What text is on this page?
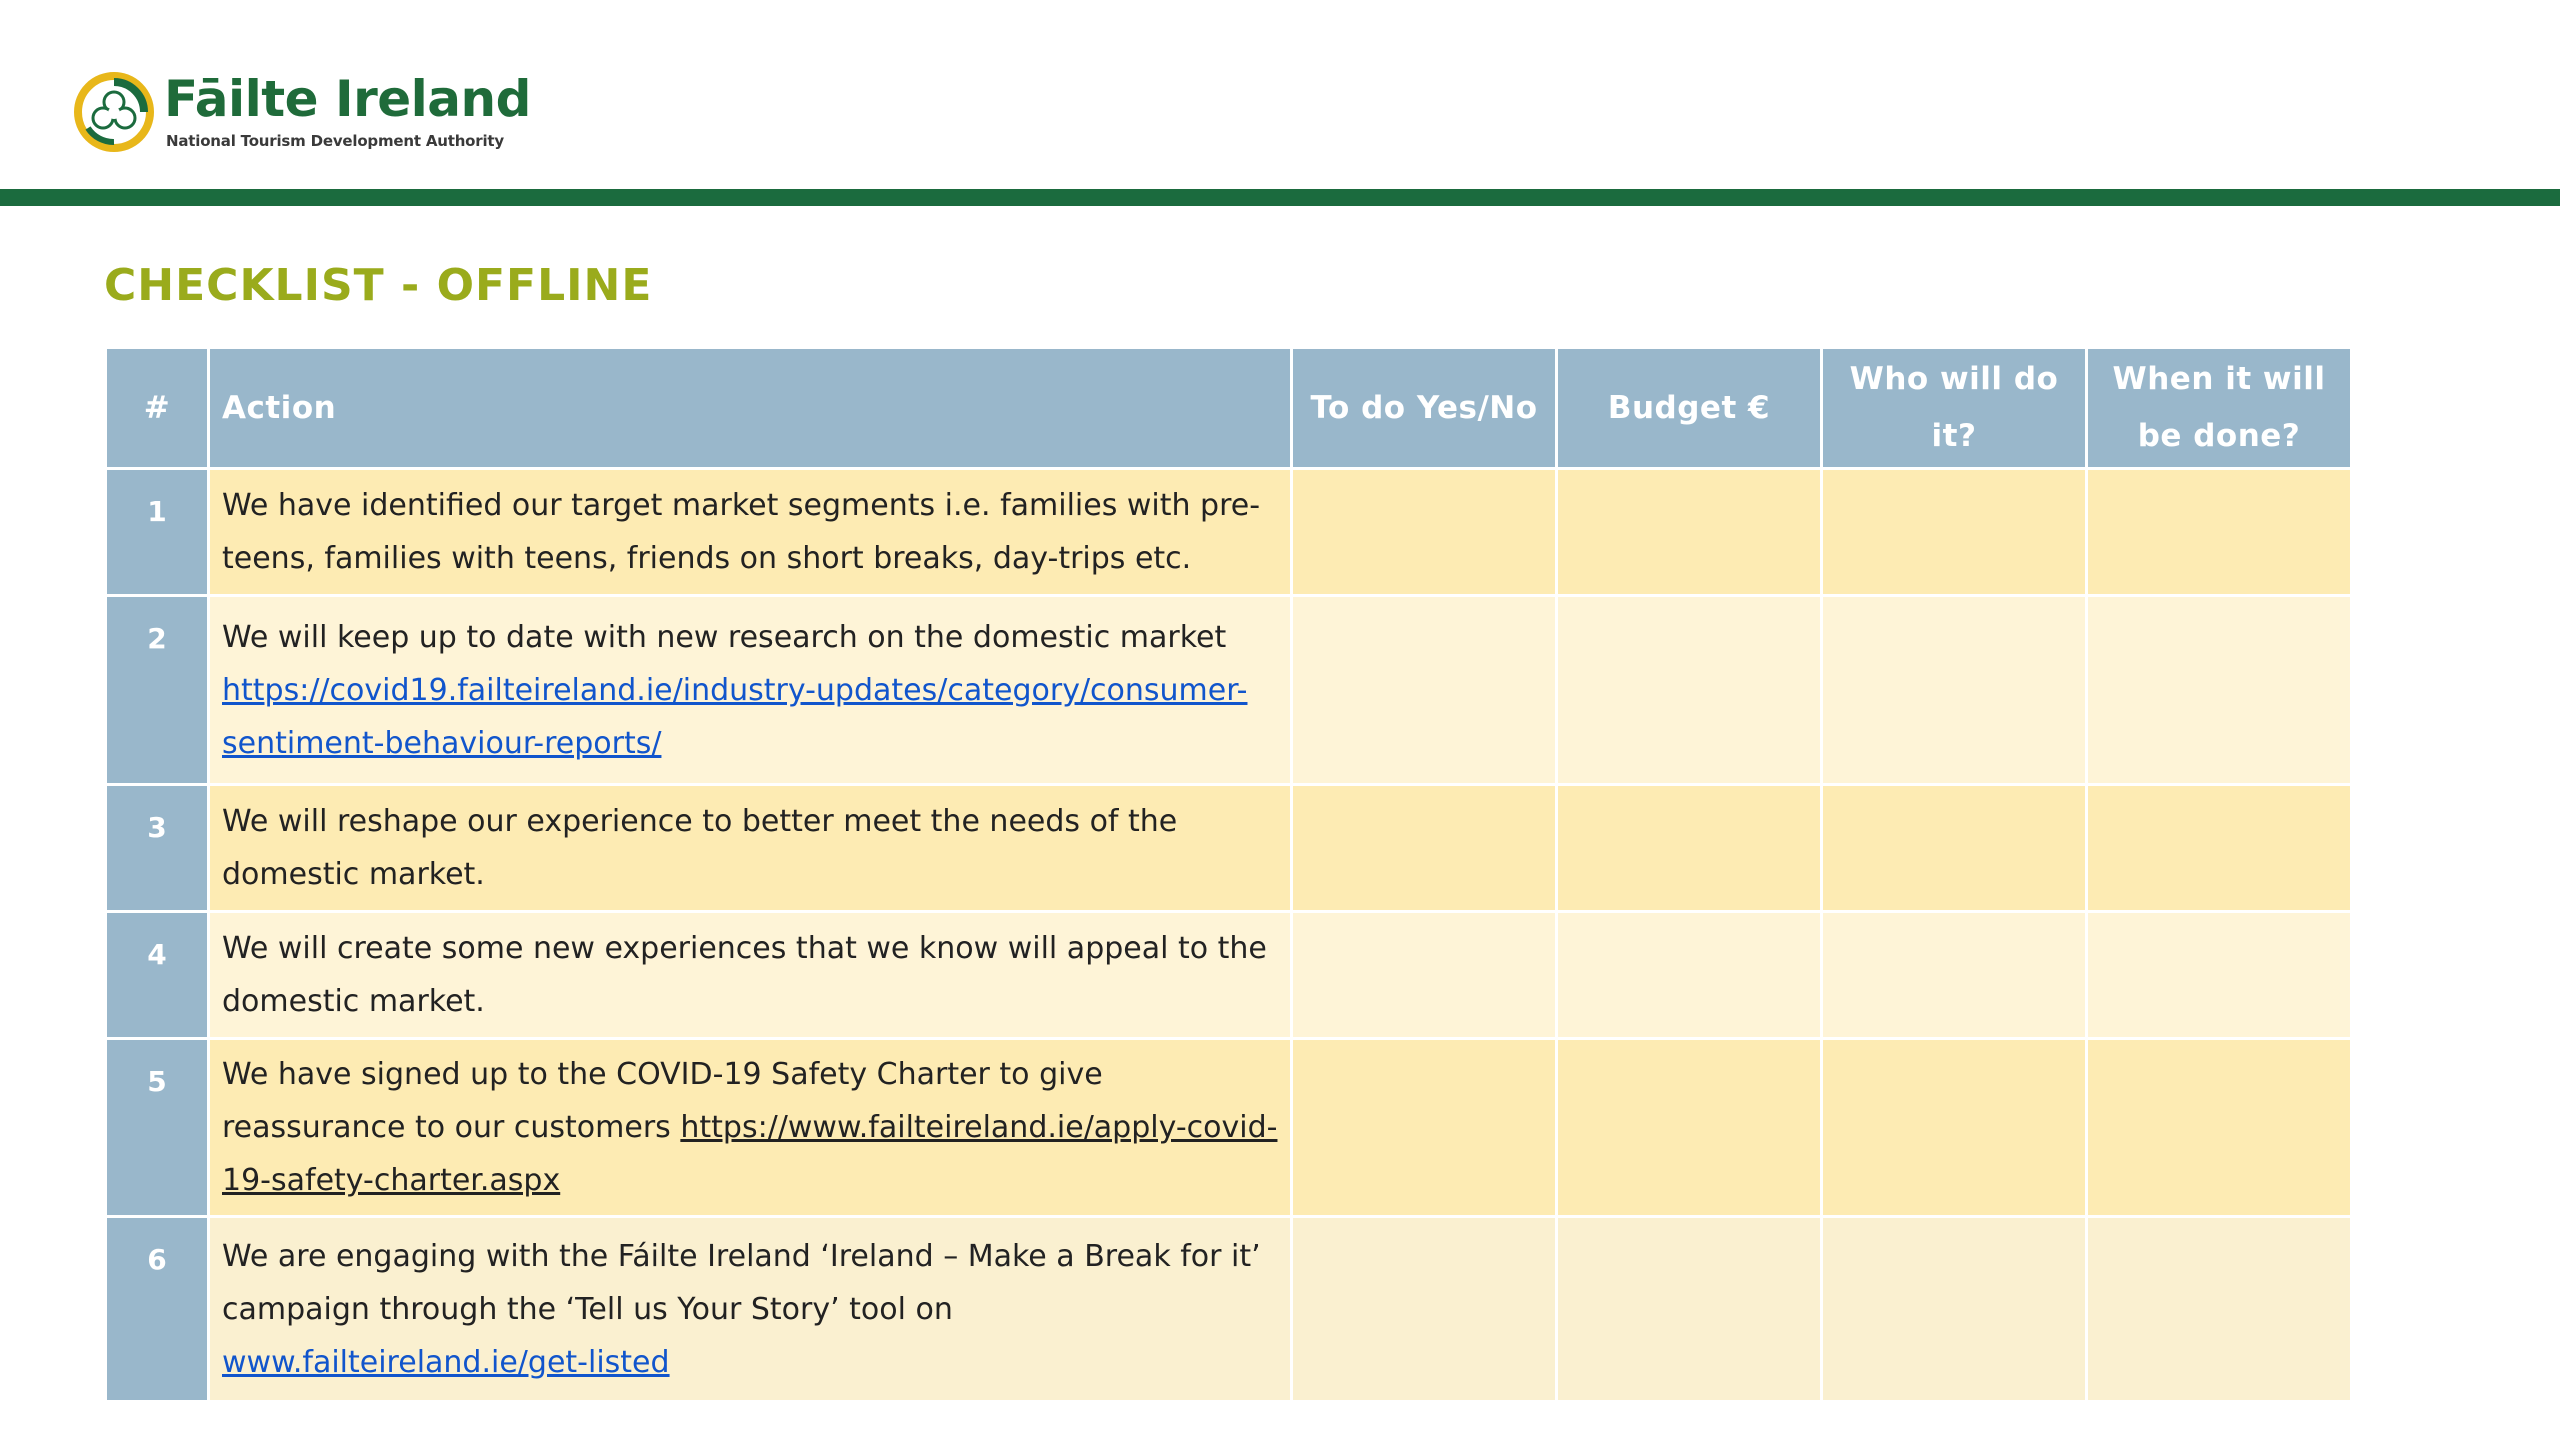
Fāilte Ireland
National Tourism Development Authority
CHECKLIST - OFFLINE
#	Action	To do Yes/No	Budget €	Who will do it?	When it will be done?
1	We have identified our target market segments i.e. families with pre-teens, families with teens, friends on short breaks, day-trips etc.				
2	We will keep up to date with new research on the domestic market
https://covid19.failteireland.ie/industry-updates/category/consumer-sentiment-behaviour-reports/				
3	We will reshape our experience to better meet the needs of the domestic market.				
4	We will create some new experiences that we know will appeal to the domestic market.				
5	We have signed up to the COVID-19 Safety Charter to give reassurance to our customers https://www.failteireland.ie/apply-covid-19-safety-charter.aspx				
6	We are engaging with the Fáilte Ireland ‘Ireland – Make a Break for it’ campaign through the ‘Tell us Your Story’ tool on
www.failteireland.ie/get-listed				
